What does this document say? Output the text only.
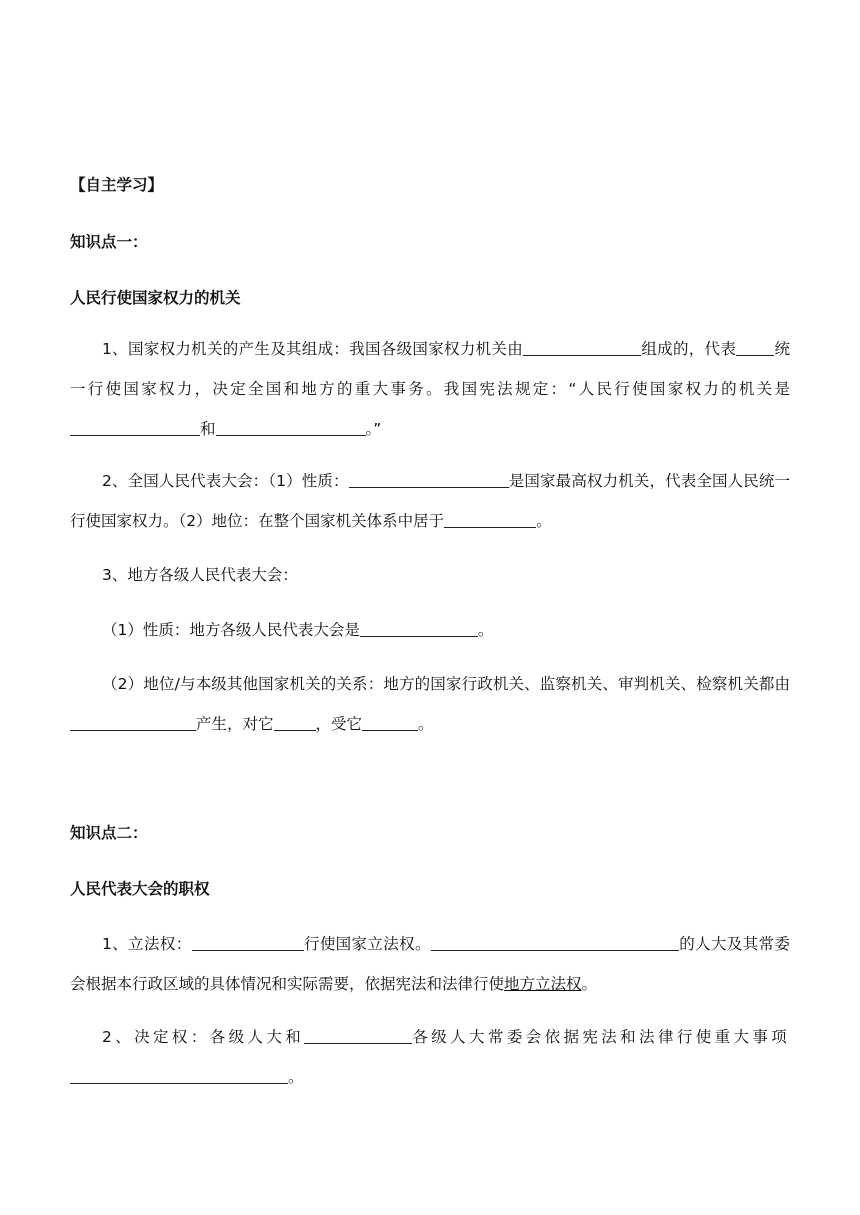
【自主学习】
知识点一：
人民行使国家权力的机关

1、国家权力机关的产生及其组成：我国各级国家权力机关由	组成的，代表 统一行使国家权力，决定全国和地方的重大事务。我国宪法规定：“人民行使国家权力的机关是和	。”

2、全国人民代表大会：（1）性质：	是国家最高权力机关，代表全国人民统一行使国家权力。（2）地位：在整个国家机关体系中居于	。

3、地方各级人民代表大会：

（1）性质：地方各级人民代表大会是	。

（2）地位/与本级其他国家机关的关系：地方的国家行政机关、监察机关、审判机关、检察机关都由产生，对它	，受它	。

知识点二：
人民代表大会的职权

1、立法权：	行使国家立法权。	的人大及其常委会根据本行政区域的具体情况和实际需要，依据宪法和法律行使地方立法权。

2、决定权：各级人大和	各级人大常委会依据宪法和法律行使重大事项。
